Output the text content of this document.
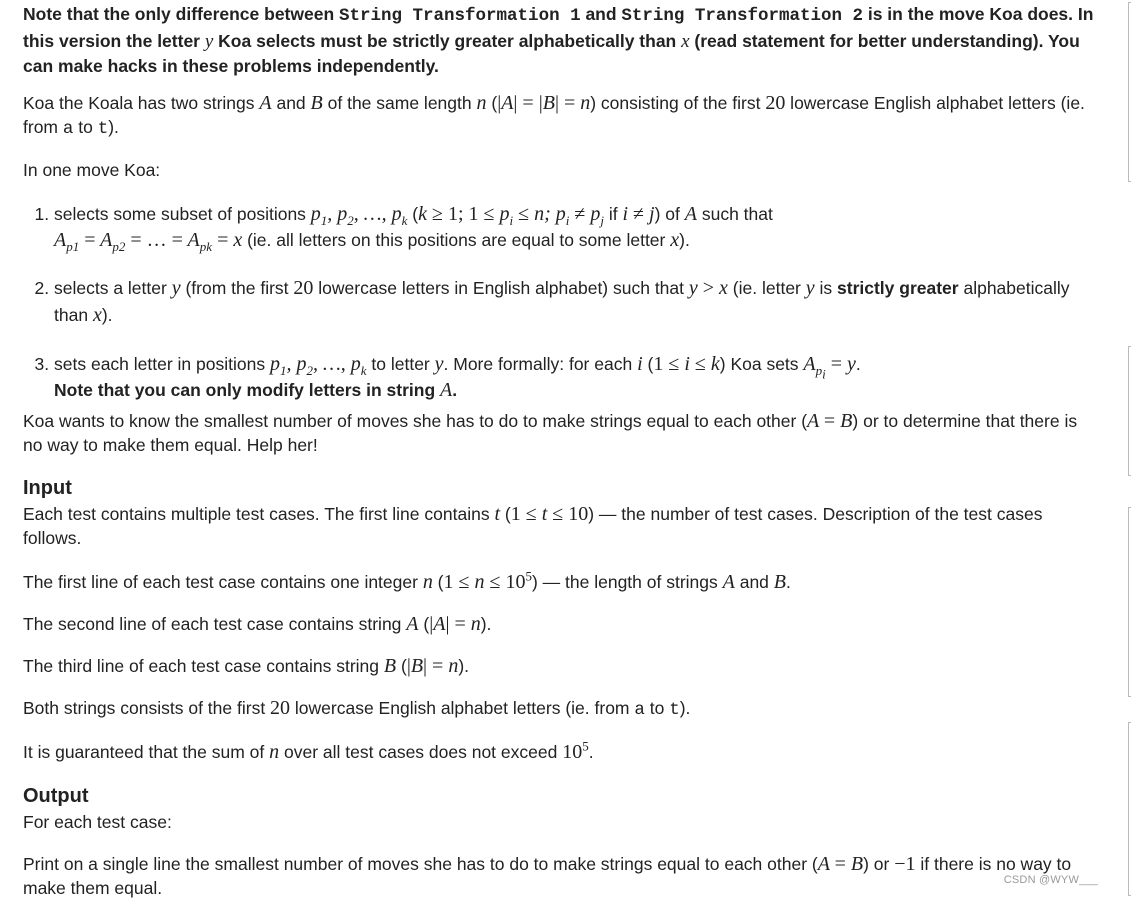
Note that the only difference between String Transformation 1 and String Transformation 2 is in the move Koa does. In this version the letter y Koa selects must be strictly greater alphabetically than x (read statement for better understanding). You can make hacks in these problems independently.

Koa the Koala has two strings A and B of the same length n (|A| = |B| = n) consisting of the first 20 lowercase English alphabet letters (ie. from a to t).

In one move Koa:

1. selects some subset of positions $p_1$, $p_2$, …, $p_k$ (k ≥ 1; $1 \le p_i \le n$; $p_i \ne p_j$ if i ≠ j) of A such that
$A_{p1} = A_{p2}$ = … = $A_{pk} = x$ (ie. all letters on this positions are equal to some letter x).
2. selects a letter y (from the first 20 lowercase letters in English alphabet) such that y > x (ie. letter y is strictly greater alphabetically than x).
3. sets each letter in positions $p_1$, $p_2$, …, $p_k$ to letter y. More formally: for each i (1 ≤ i ≤ k) Koa sets $A_{p_i} = y$.
Note that you can only modify letters in string A.

Koa wants to know the smallest number of moves she has to do to make strings equal to each other (A = B) or to determine that there is no way to make them equal. Help her!

Input

Each test contains multiple test cases. The first line contains t (1 ≤ t ≤ 10) — the number of test cases. Description of the test cases follows.

The first line of each test case contains one integer n $(1 \le n \le 10^5)$ — the length of strings A and B.

The second line of each test case contains string A (|A| = n).

The third line of each test case contains string B (|B| = n).

Both strings consists of the first 20 lowercase English alphabet letters (ie. from a to t).

It is guaranteed that the sum of n over all test cases does not exceed $10^5$.

Output

For each test case:

Print on a single line the smallest number of moves she has to do to make strings equal to each other (A = B) or −1 if there is no way to make them equal.	CSDN @WYW___
